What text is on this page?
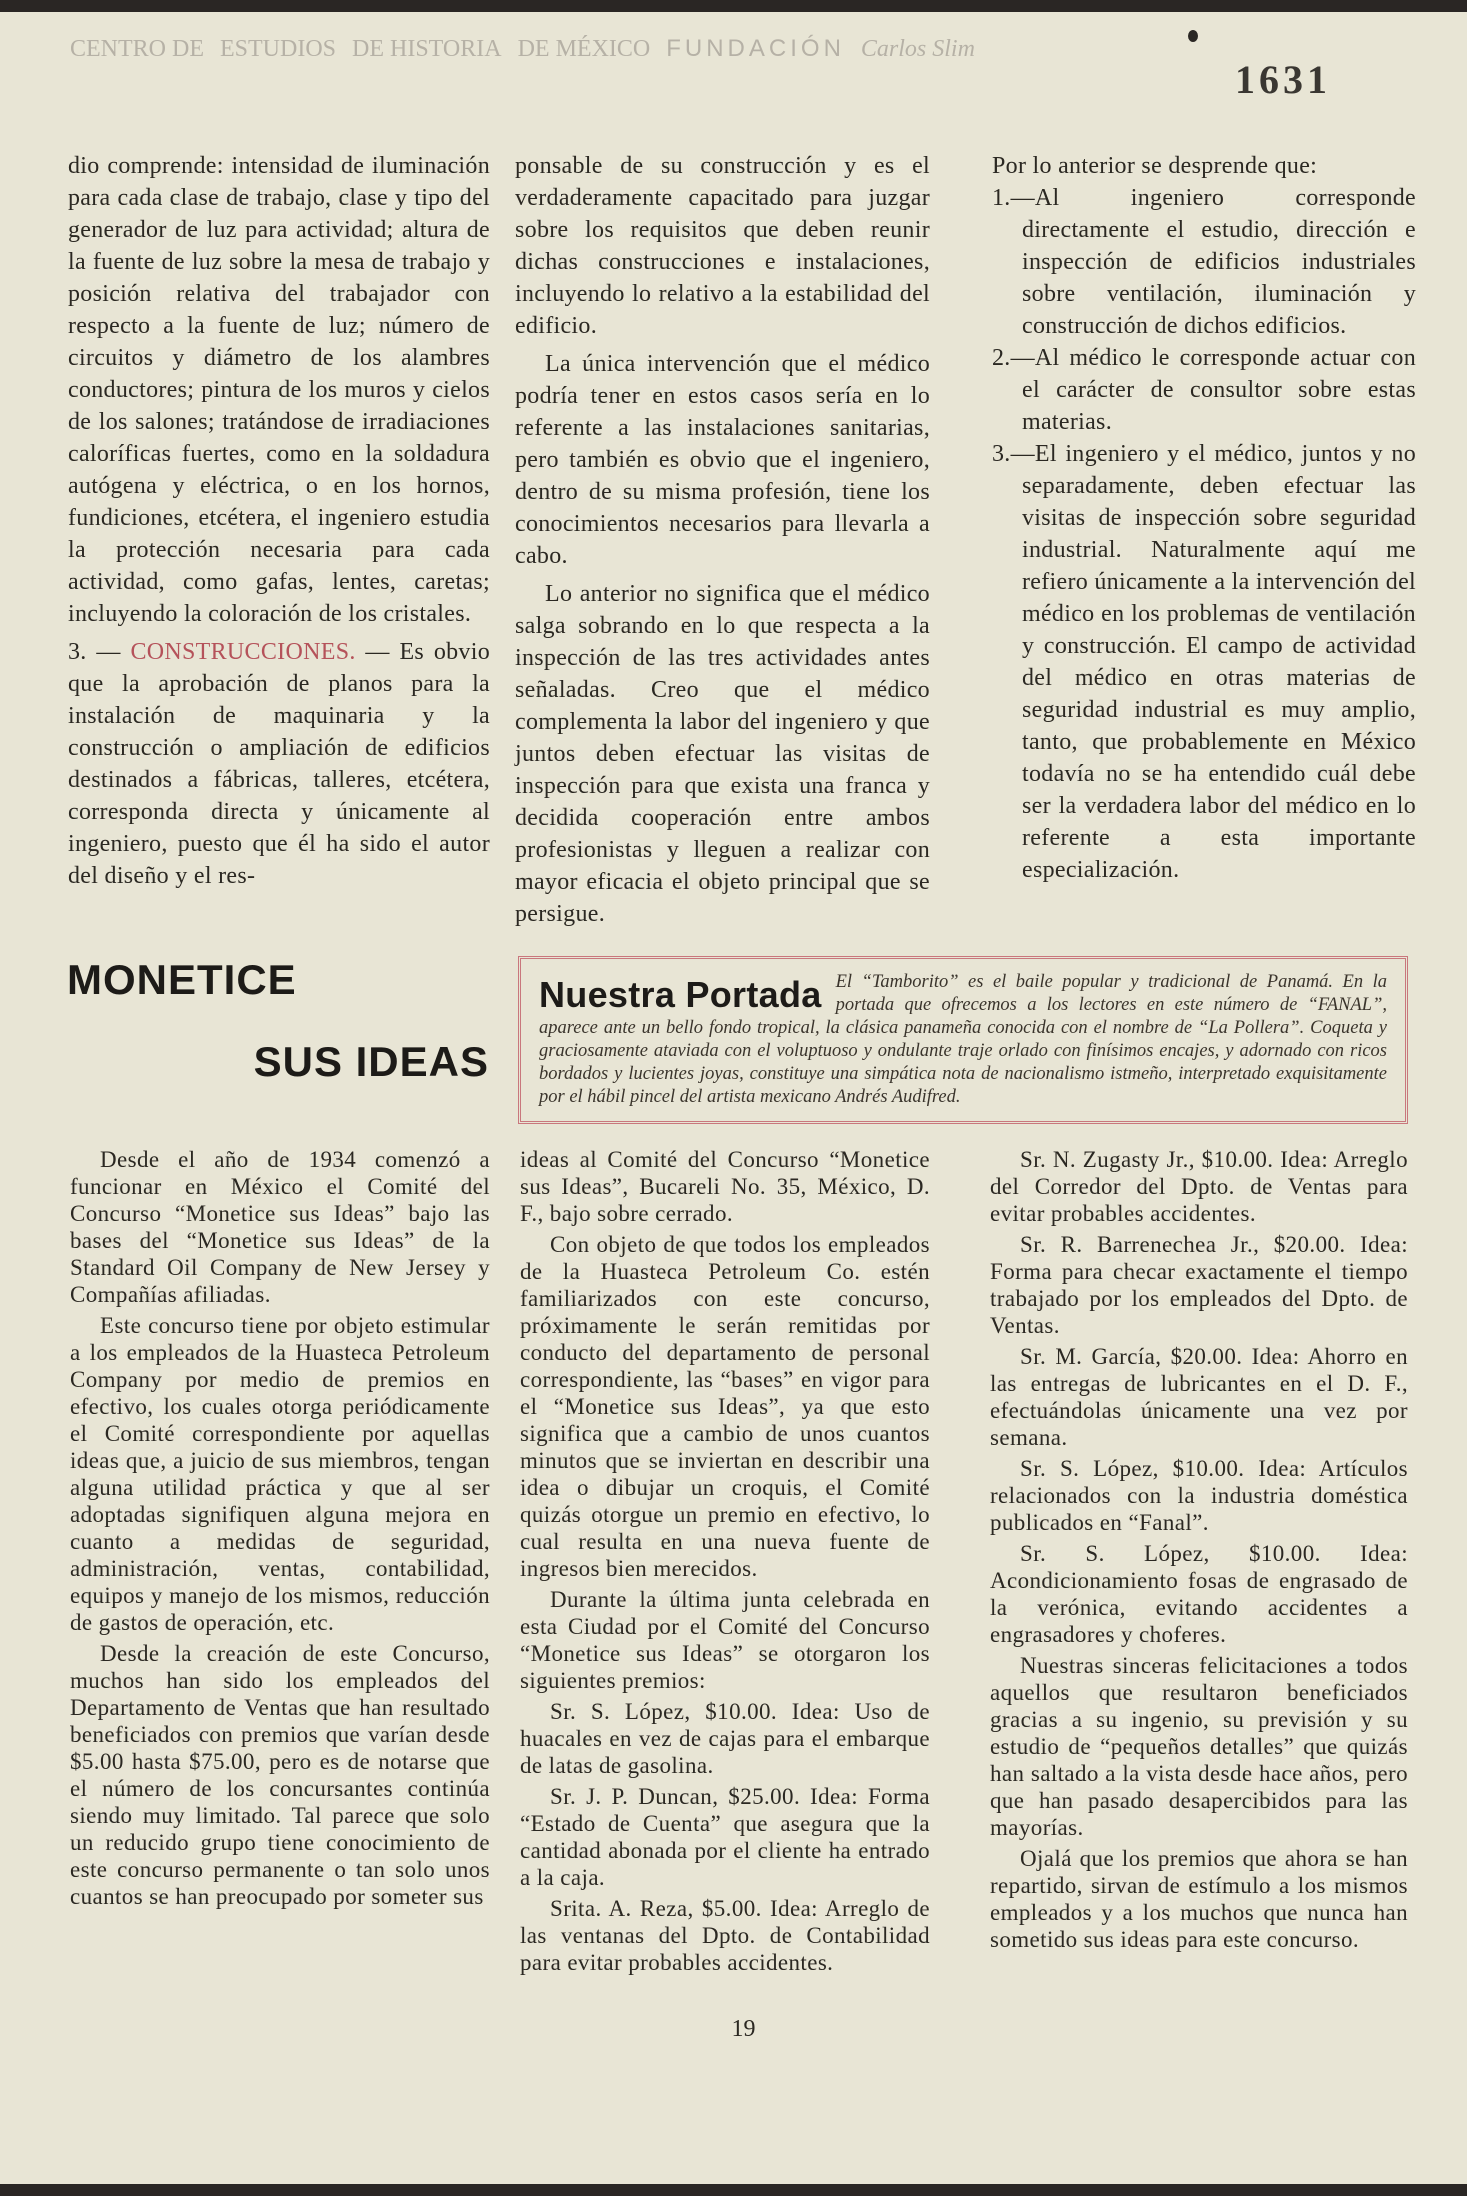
CENTRO DE ESTUDIOS DE HISTORIA DE MÉXICO FUNDACIÓN Carlos Slim
1631

dio comprende: intensidad de iluminación para cada clase de trabajo, clase y tipo del generador de luz para actividad; altura de la fuente de luz sobre la mesa de trabajo y posición relativa del trabajador con respecto a la fuente de luz; número de circuitos y diámetro de los alambres conductores; pintura de los muros y cielos de los salones; tratándose de irradiaciones caloríficas fuertes, como en la soldadura autógena y eléctrica, o en los hornos, fundiciones, etcétera, el ingeniero estudia la protección necesaria para cada actividad, como gafas, lentes, caretas; incluyendo la coloración de los cristales.

3. — CONSTRUCCIONES. — Es obvio que la aprobación de planos para la instalación de maquinaria y la construcción o ampliación de edificios destinados a fábricas, talleres, etcétera, corresponda directa y únicamente al ingeniero, puesto que él ha sido el autor del diseño y el res-

ponsable de su construcción y es el verdaderamente capacitado para juzgar sobre los requisitos que deben reunir dichas construcciones e instalaciones, incluyendo lo relativo a la estabilidad del edificio.

La única intervención que el médico podría tener en estos casos sería en lo referente a las instalaciones sanitarias, pero también es obvio que el ingeniero, dentro de su misma profesión, tiene los conocimientos necesarios para llevarla a cabo.

Lo anterior no significa que el médico salga sobrando en lo que respecta a la inspección de las tres actividades antes señaladas. Creo que el médico complementa la labor del ingeniero y que juntos deben efectuar las visitas de inspección para que exista una franca y decidida cooperación entre ambos profesionistas y lleguen a realizar con mayor eficacia el objeto principal que se persigue.

Por lo anterior se desprende que:

1.—Al ingeniero corresponde directamente el estudio, dirección e inspección de edificios industriales sobre ventilación, iluminación y construcción de dichos edificios.

2.—Al médico le corresponde actuar con el carácter de consultor sobre estas materias.

3.—El ingeniero y el médico, juntos y no separadamente, deben efectuar las visitas de inspección sobre seguridad industrial. Naturalmente aquí me refiero únicamente a la intervención del médico en los problemas de ventilación y construcción. El campo de actividad del médico en otras materias de seguridad industrial es muy amplio, tanto, que probablemente en México todavía no se ha entendido cuál debe ser la verdadera labor del médico en lo referente a esta importante especialización.

MONETICE
SUS IDEAS
Nuestra Portada El “Tamborito” es el baile popular y tradicional de Panamá. En la portada que ofrecemos a los lectores en este número de “FANAL”, aparece ante un bello fondo tropical, la clásica panameña conocida con el nombre de “La Pollera”. Coqueta y graciosamente ataviada con el voluptuoso y ondulante traje orlado con finísimos encajes, y adornado con ricos bordados y lucientes joyas, constituye una simpática nota de nacionalismo istmeño, interpretado exquisitamente por el hábil pincel del artista mexicano Andrés Audifred.

Desde el año de 1934 comenzó a funcionar en México el Comité del Concurso “Monetice sus Ideas” bajo las bases del “Monetice sus Ideas” de la Standard Oil Company de New Jersey y Compañías afiliadas.

Este concurso tiene por objeto estimular a los empleados de la Huasteca Petroleum Company por medio de premios en efectivo, los cuales otorga periódicamente el Comité correspondiente por aquellas ideas que, a juicio de sus miembros, tengan alguna utilidad práctica y que al ser adoptadas signifiquen alguna mejora en cuanto a medidas de seguridad, administración, ventas, contabilidad, equipos y manejo de los mismos, reducción de gastos de operación, etc.

Desde la creación de este Concurso, muchos han sido los empleados del Departamento de Ventas que han resultado beneficiados con premios que varían desde $5.00 hasta $75.00, pero es de notarse que el número de los concursantes continúa siendo muy limitado. Tal parece que solo un reducido grupo tiene conocimiento de este concurso permanente o tan solo unos cuantos se han preocupado por someter sus

ideas al Comité del Concurso “Monetice sus Ideas”, Bucareli No. 35, México, D. F., bajo sobre cerrado.

Con objeto de que todos los empleados de la Huasteca Petroleum Co. estén familiarizados con este concurso, próximamente le serán remitidas por conducto del departamento de personal correspondiente, las “bases” en vigor para el “Monetice sus Ideas”, ya que esto significa que a cambio de unos cuantos minutos que se inviertan en describir una idea o dibujar un croquis, el Comité quizás otorgue un premio en efectivo, lo cual resulta en una nueva fuente de ingresos bien merecidos.

Durante la última junta celebrada en esta Ciudad por el Comité del Concurso “Monetice sus Ideas” se otorgaron los siguientes premios:

Sr. S. López, $10.00. Idea: Uso de huacales en vez de cajas para el embarque de latas de gasolina.

Sr. J. P. Duncan, $25.00. Idea: Forma “Estado de Cuenta” que asegura que la cantidad abonada por el cliente ha entrado a la caja.

Srita. A. Reza, $5.00. Idea: Arreglo de las ventanas del Dpto. de Contabilidad para evitar probables accidentes.

Sr. N. Zugasty Jr., $10.00. Idea: Arreglo del Corredor del Dpto. de Ventas para evitar probables accidentes.

Sr. R. Barrenechea Jr., $20.00. Idea: Forma para checar exactamente el tiempo trabajado por los empleados del Dpto. de Ventas.

Sr. M. García, $20.00. Idea: Ahorro en las entregas de lubricantes en el D. F., efectuándolas únicamente una vez por semana.

Sr. S. López, $10.00. Idea: Artículos relacionados con la industria doméstica publicados en “Fanal”.

Sr. S. López, $10.00. Idea: Acondicionamiento fosas de engrasado de la verónica, evitando accidentes a engrasadores y choferes.

Nuestras sinceras felicitaciones a todos aquellos que resultaron beneficiados gracias a su ingenio, su previsión y su estudio de “pequeños detalles” que quizás han saltado a la vista desde hace años, pero que han pasado desapercibidos para las mayorías.

Ojalá que los premios que ahora se han repartido, sirvan de estímulo a los mismos empleados y a los muchos que nunca han sometido sus ideas para este concurso.

19
